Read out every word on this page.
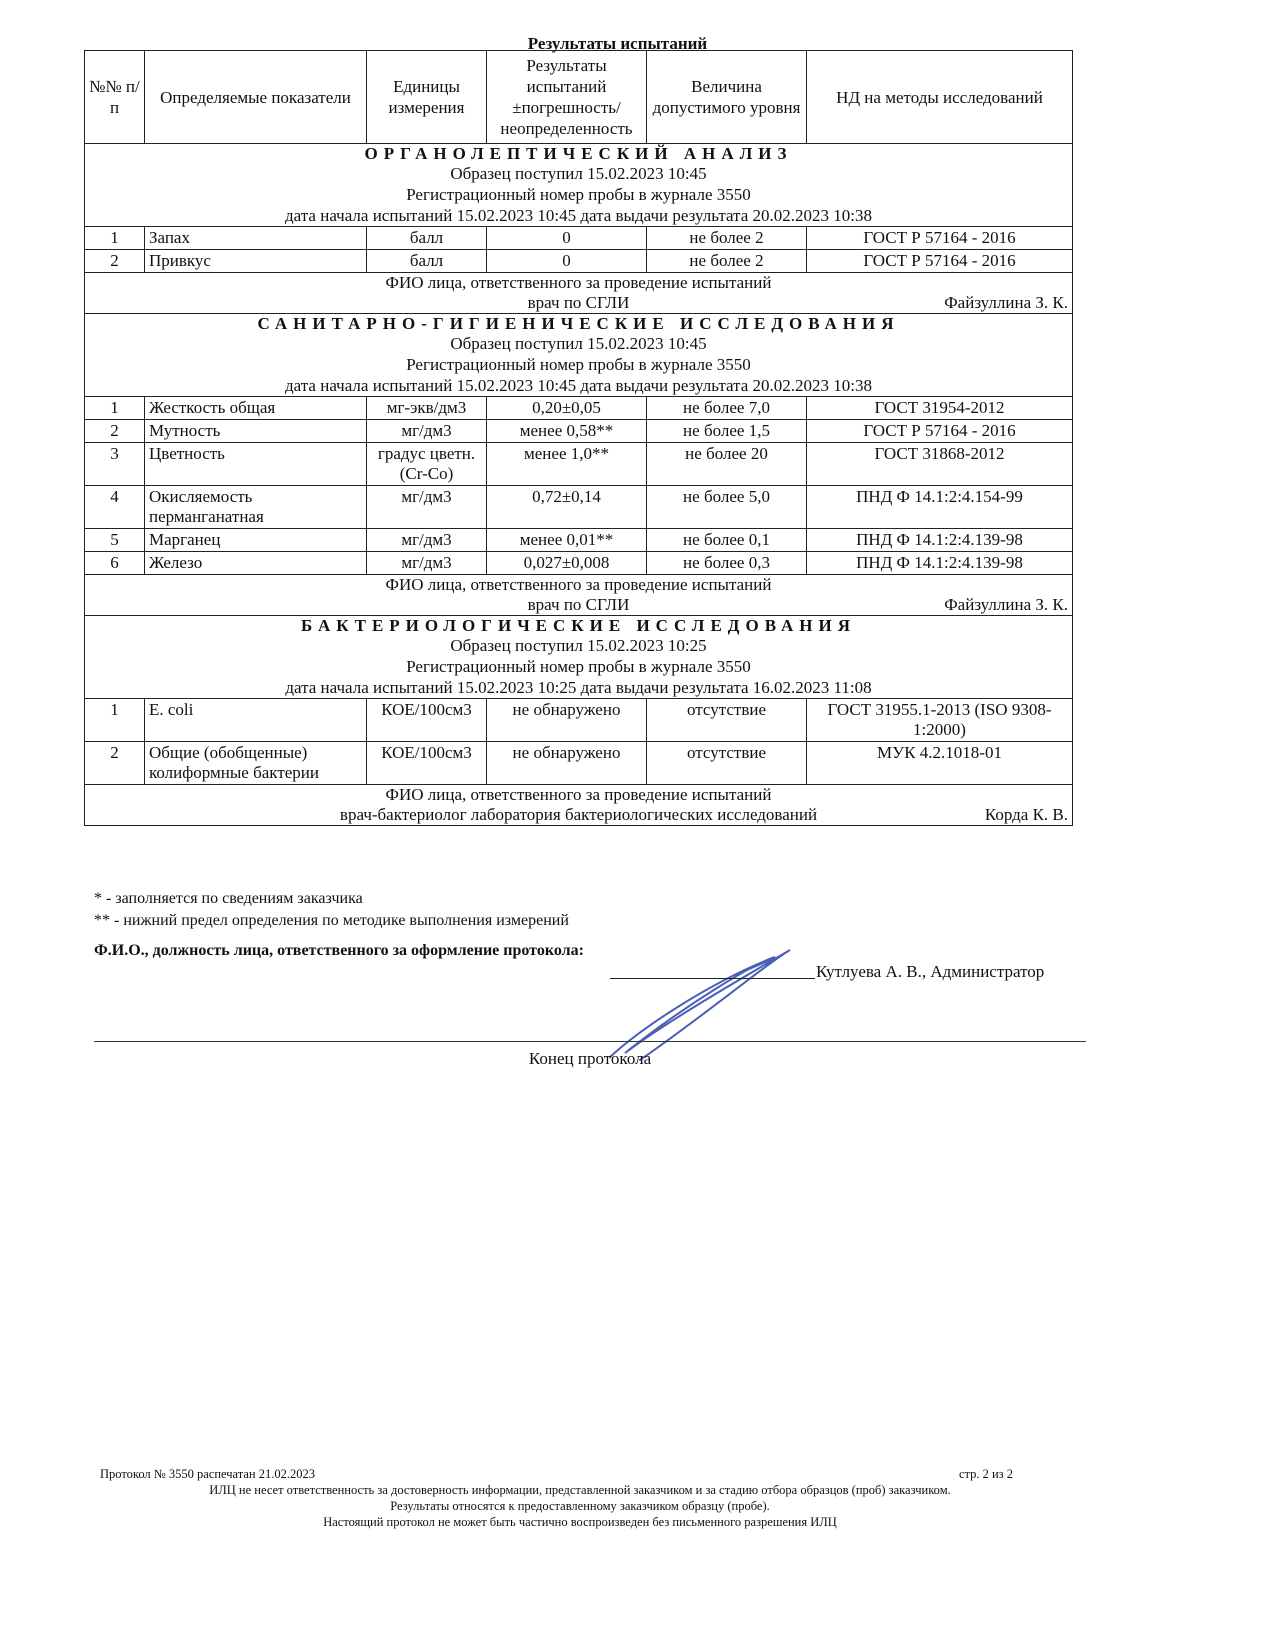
Результаты испытаний
№№ п/п	Определяемые показатели	Единицы измерения	Результаты испытаний ±погрешность/ неопределенность	Величина допустимого уровня	НД на методы исследований

ОРГАНОЛЕПТИЧЕСКИЙ АНАЛИЗ
Образец поступил 15.02.2023 10:45
Регистрационный номер пробы в журнале 3550
дата начала испытаний 15.02.2023 10:45 дата выдачи результата 20.02.2023 10:38					

1	Запах	балл	0	не более 2	ГОСТ Р 57164 - 2016
2	Привкус	балл	0	не более 2	ГОСТ Р 57164 - 2016

ФИО лица, ответственного за проведение испытаний
врач по СГЛИ Файзуллина З. К.					

САНИТАРНО-ГИГИЕНИЧЕСКИЕ ИССЛЕДОВАНИЯ
Образец поступил 15.02.2023 10:45
Регистрационный номер пробы в журнале 3550
дата начала испытаний 15.02.2023 10:45 дата выдачи результата 20.02.2023 10:38					

1	Жесткость общая	мг-экв/дм3	0,20±0,05	не более 7,0	ГОСТ 31954-2012
2	Мутность	мг/дм3	менее 0,58**	не более 1,5	ГОСТ Р 57164 - 2016
3	Цветность	градус цветн.(Cr-Co)	менее 1,0**	не более 20	ГОСТ 31868-2012
4	Окисляемость перманганатная	мг/дм3	0,72±0,14	не более 5,0	ПНД Ф 14.1:2:4.154-99
5	Марганец	мг/дм3	менее 0,01**	не более 0,1	ПНД Ф 14.1:2:4.139-98
6	Железо	мг/дм3	0,027±0,008	не более 0,3	ПНД Ф 14.1:2:4.139-98

ФИО лица, ответственного за проведение испытаний
врач по СГЛИ Файзуллина З. К.					

БАКТЕРИОЛОГИЧЕСКИЕ ИССЛЕДОВАНИЯ
Образец поступил 15.02.2023 10:25
Регистрационный номер пробы в журнале 3550
дата начала испытаний 15.02.2023 10:25 дата выдачи результата 16.02.2023 11:08					

1	E. coli	КОЕ/100см3	не обнаружено	отсутствие	ГОСТ 31955.1-2013 (ISO 9308-1:2000)
2	Общие (обобщенные) колиформные бактерии	КОЕ/100см3	не обнаружено	отсутствие	МУК 4.2.1018-01

ФИО лица, ответственного за проведение испытаний
врач-бактериолог лаборатория бактериологических исследований Корда К. В.					
* - заполняется по сведениям заказчика
** - нижний предел определения по методике выполнения измерений
Ф.И.О., должность лица, ответственного за оформление протокола:
Кутлуева А. В., Администратор
Конец протокола
Протокол № 3550 распечатан 21.02.2023	стр. 2 из 2
ИЛЦ не несет ответственность за достоверность информации, представленной заказчиком и за стадию отбора образцов (проб) заказчиком.
Результаты относятся к предоставленному заказчиком образцу (пробе).
Настоящий протокол не может быть частично воспроизведен без письменного разрешения ИЛЦ
